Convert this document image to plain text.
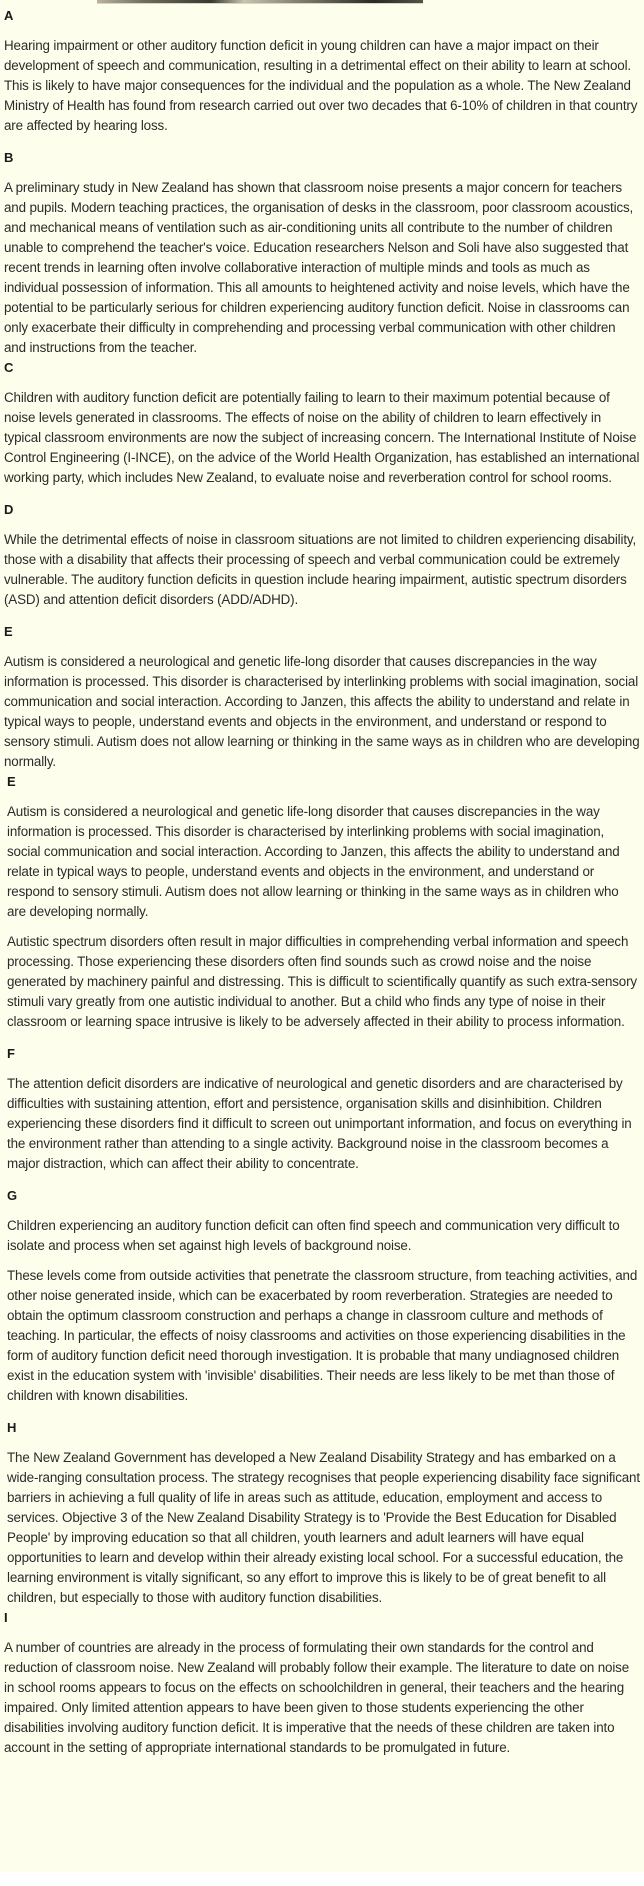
A

Hearing impairment or other auditory function deficit in young children can have a major impact on their development of speech and communication, resulting in a detrimental effect on their ability to learn at school. This is likely to have major consequences for the individual and the population as a whole. The New Zealand Ministry of Health has found from research carried out over two decades that 6-10% of children in that country are affected by hearing loss.

B

A preliminary study in New Zealand has shown that classroom noise presents a major concern for teachers and pupils. Modern teaching practices, the organisation of desks in the classroom, poor classroom acoustics, and mechanical means of ventilation such as air-conditioning units all contribute to the number of children unable to comprehend the teacher's voice. Education researchers Nelson and Soli have also suggested that recent trends in learning often involve collaborative interaction of multiple minds and tools as much as individual possession of information. This all amounts to heightened activity and noise levels, which have the potential to be particularly serious for children experiencing auditory function deficit. Noise in classrooms can only exacerbate their difficulty in comprehending and processing verbal communication with other children and instructions from the teacher.

C

Children with auditory function deficit are potentially failing to learn to their maximum potential because of noise levels generated in classrooms. The effects of noise on the ability of children to learn effectively in typical classroom environments are now the subject of increasing concern. The International Institute of Noise Control Engineering (I-INCE), on the advice of the World Health Organization, has established an international working party, which includes New Zealand, to evaluate noise and reverberation control for school rooms.

D

While the detrimental effects of noise in classroom situations are not limited to children experiencing disability, those with a disability that affects their processing of speech and verbal communication could be extremely vulnerable. The auditory function deficits in question include hearing impairment, autistic spectrum disorders (ASD) and attention deficit disorders (ADD/ADHD).

E

Autism is considered a neurological and genetic life-long disorder that causes discrepancies in the way information is processed. This disorder is characterised by interlinking problems with social imagination, social communication and social interaction. According to Janzen, this affects the ability to understand and relate in typical ways to people, understand events and objects in the environment, and understand or respond to sensory stimuli. Autism does not allow learning or thinking in the same ways as in children who are developing normally.

E

Autism is considered a neurological and genetic life-long disorder that causes discrepancies in the way information is processed. This disorder is characterised by interlinking problems with social imagination, social communication and social interaction. According to Janzen, this affects the ability to understand and relate in typical ways to people, understand events and objects in the environment, and understand or respond to sensory stimuli. Autism does not allow learning or thinking in the same ways as in children who are developing normally.

Autistic spectrum disorders often result in major difficulties in comprehending verbal information and speech processing. Those experiencing these disorders often find sounds such as crowd noise and the noise generated by machinery painful and distressing. This is difficult to scientifically quantify as such extra-sensory stimuli vary greatly from one autistic individual to another. But a child who finds any type of noise in their classroom or learning space intrusive is likely to be adversely affected in their ability to process information.

F

The attention deficit disorders are indicative of neurological and genetic disorders and are characterised by difficulties with sustaining attention, effort and persistence, organisation skills and disinhibition. Children experiencing these disorders find it difficult to screen out unimportant information, and focus on everything in the environment rather than attending to a single activity. Background noise in the classroom becomes a major distraction, which can affect their ability to concentrate.

G

Children experiencing an auditory function deficit can often find speech and communication very difficult to isolate and process when set against high levels of background noise.

These levels come from outside activities that penetrate the classroom structure, from teaching activities, and other noise generated inside, which can be exacerbated by room reverberation. Strategies are needed to obtain the optimum classroom construction and perhaps a change in classroom culture and methods of teaching. In particular, the effects of noisy classrooms and activities on those experiencing disabilities in the form of auditory function deficit need thorough investigation. It is probable that many undiagnosed children exist in the education system with 'invisible' disabilities. Their needs are less likely to be met than those of children with known disabilities.

H

The New Zealand Government has developed a New Zealand Disability Strategy and has embarked on a wide-ranging consultation process. The strategy recognises that people experiencing disability face significant barriers in achieving a full quality of life in areas such as attitude, education, employment and access to services. Objective 3 of the New Zealand Disability Strategy is to 'Provide the Best Education for Disabled People' by improving education so that all children, youth learners and adult learners will have equal opportunities to learn and develop within their already existing local school. For a successful education, the learning environment is vitally significant, so any effort to improve this is likely to be of great benefit to all children, but especially to those with auditory function disabilities.

I

A number of countries are already in the process of formulating their own standards for the control and reduction of classroom noise. New Zealand will probably follow their example. The literature to date on noise in school rooms appears to focus on the effects on schoolchildren in general, their teachers and the hearing impaired. Only limited attention appears to have been given to those students experiencing the other disabilities involving auditory function deficit. It is imperative that the needs of these children are taken into account in the setting of appropriate international standards to be promulgated in future.
